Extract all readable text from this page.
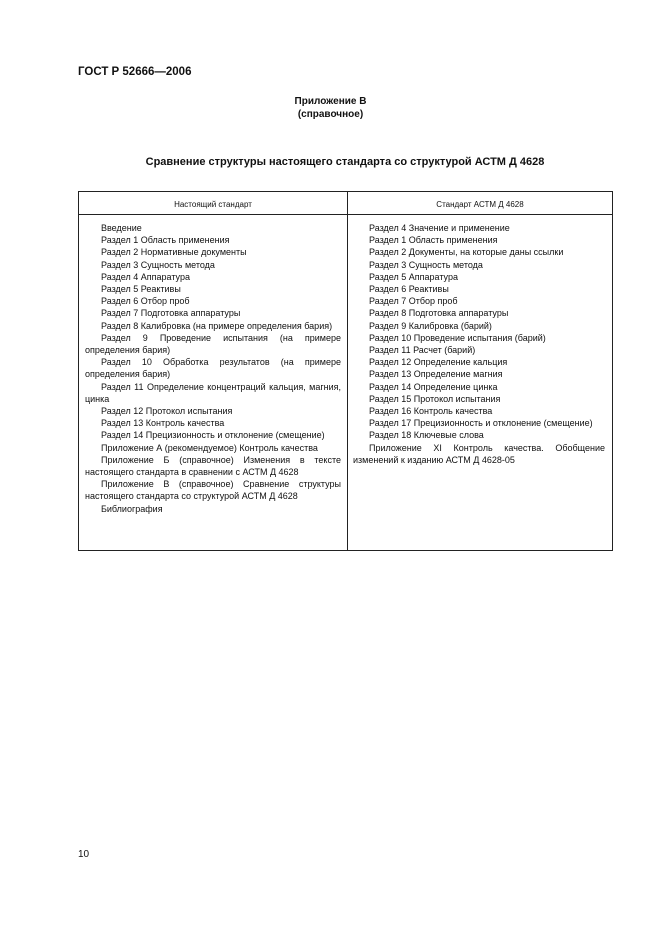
ГОСТ Р 52666—2006
Приложение В
(справочное)
Сравнение структуры настоящего стандарта со структурой АСТМ Д 4628
Настоящий стандарт	Стандарт АСТМ Д 4628
Введение
Раздел 1 Область применения
Раздел 2 Нормативные документы
Раздел 3 Сущность метода
Раздел 4 Аппаратура
Раздел 5 Реактивы
Раздел 6 Отбор проб
Раздел 7 Подготовка аппаратуры
Раздел 8 Калибровка (на примере определения бария)
Раздел 9 Проведение испытания (на примере определения бария)
Раздел 10 Обработка результатов (на примере определения бария)
Раздел 11 Определение концентраций кальция, магния, цинка
Раздел 12 Протокол испытания
Раздел 13 Контроль качества
Раздел 14 Прецизионность и отклонение (смещение)
Приложение А (рекомендуемое) Контроль качества
Приложение Б (справочное) Изменения в тексте настоящего стандарта в сравнении с АСТМ Д 4628
Приложение В (справочное) Сравнение структуры настоящего стандарта со структурой АСТМ Д 4628
Библиография
Раздел 4 Значение и применение
Раздел 1 Область применения
Раздел 2 Документы, на которые даны ссылки
Раздел 3 Сущность метода
Раздел 5 Аппаратура
Раздел 6 Реактивы
Раздел 7 Отбор проб
Раздел 8 Подготовка аппаратуры
Раздел 9 Калибровка (барий)
Раздел 10 Проведение испытания (барий)
Раздел 11 Расчет (барий)
Раздел 12 Определение кальция
Раздел 13 Определение магния
Раздел 14 Определение цинка
Раздел 15 Протокол испытания
Раздел 16 Контроль качества
Раздел 17 Прецизионность и отклонение (смещение)
Раздел 18 Ключевые слова
Приложение XI Контроль качества. Обобщение изменений к изданию АСТМ Д 4628-05
10
